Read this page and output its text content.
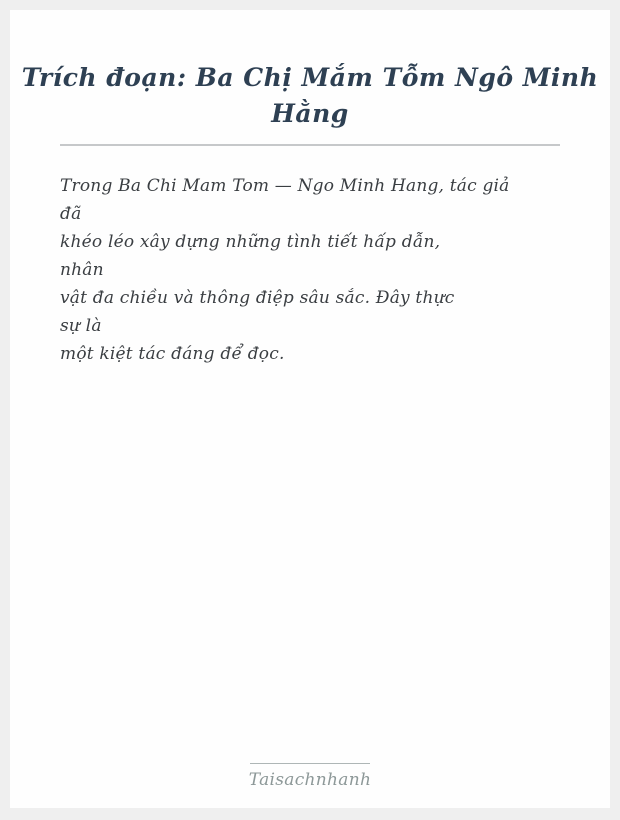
Trích đoạn: Ba Chị Mắm Tỗm Ngô Minh Hằng
Trong Ba Chi Mam Tom — Ngo Minh Hang, tác giả
đã
khéo léo xây dựng những tình tiết hấp dẫn,
nhân
vật đa chiều và thông điệp sâu sắc. Đây thực
sự là
một kiệt tác đáng để đọc.
Taisachnhanh
